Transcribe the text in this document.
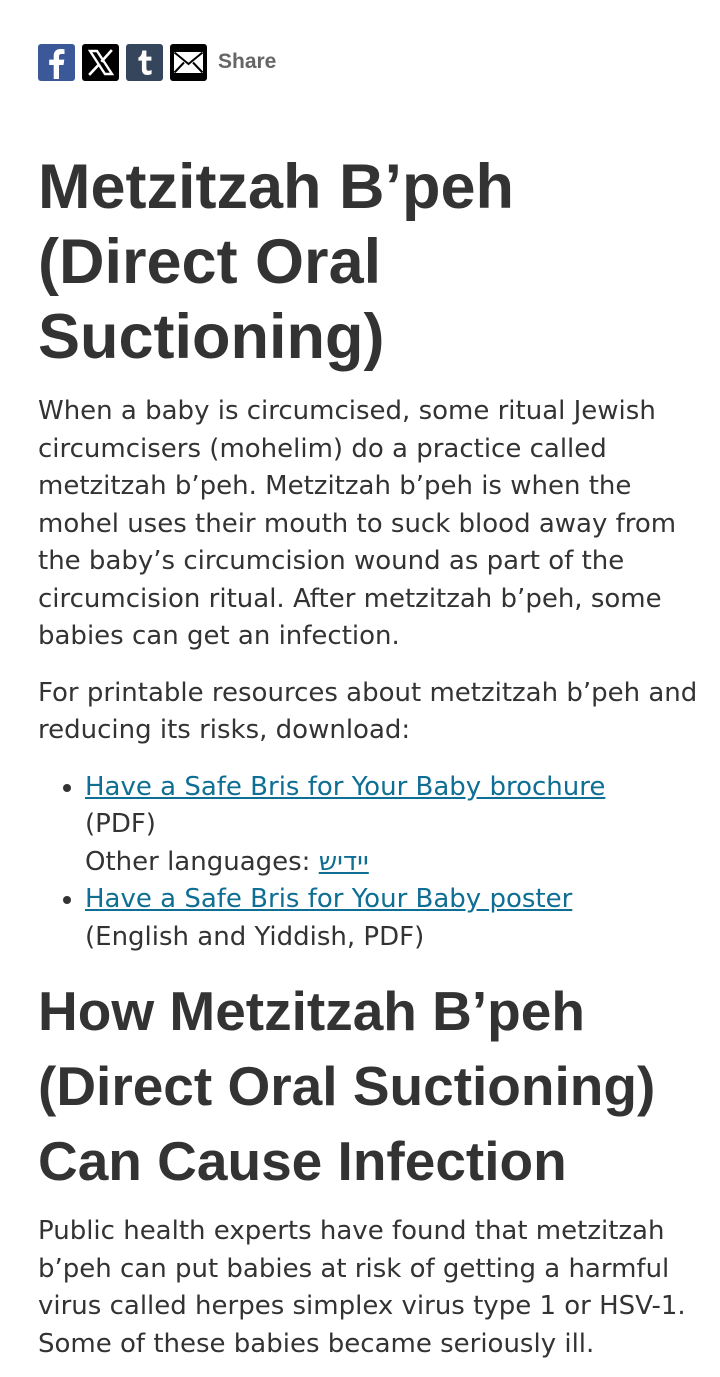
Share
Metzitzah B’peh (Direct Oral Suctioning)

When a baby is circumcised, some ritual Jewish circumcisers (mohelim) do a practice called metzitzah b’peh. Metzitzah b’peh is when the mohel uses their mouth to suck blood away from the baby’s circumcision wound as part of the circumcision ritual. After metzitzah b’peh, some babies can get an infection.

For printable resources about metzitzah b’peh and reducing its risks, download:

• Have a Safe Bris for Your Baby brochure
(PDF)
Other languages: יידיש
• Have a Safe Bris for Your Baby poster
(English and Yiddish, PDF)
How Metzitzah B’peh (Direct Oral Suctioning) Can Cause Infection

Public health experts have found that metzitzah b’peh can put babies at risk of getting a harmful virus called herpes simplex virus type 1 or HSV-1. Some of these babies became seriously ill.
